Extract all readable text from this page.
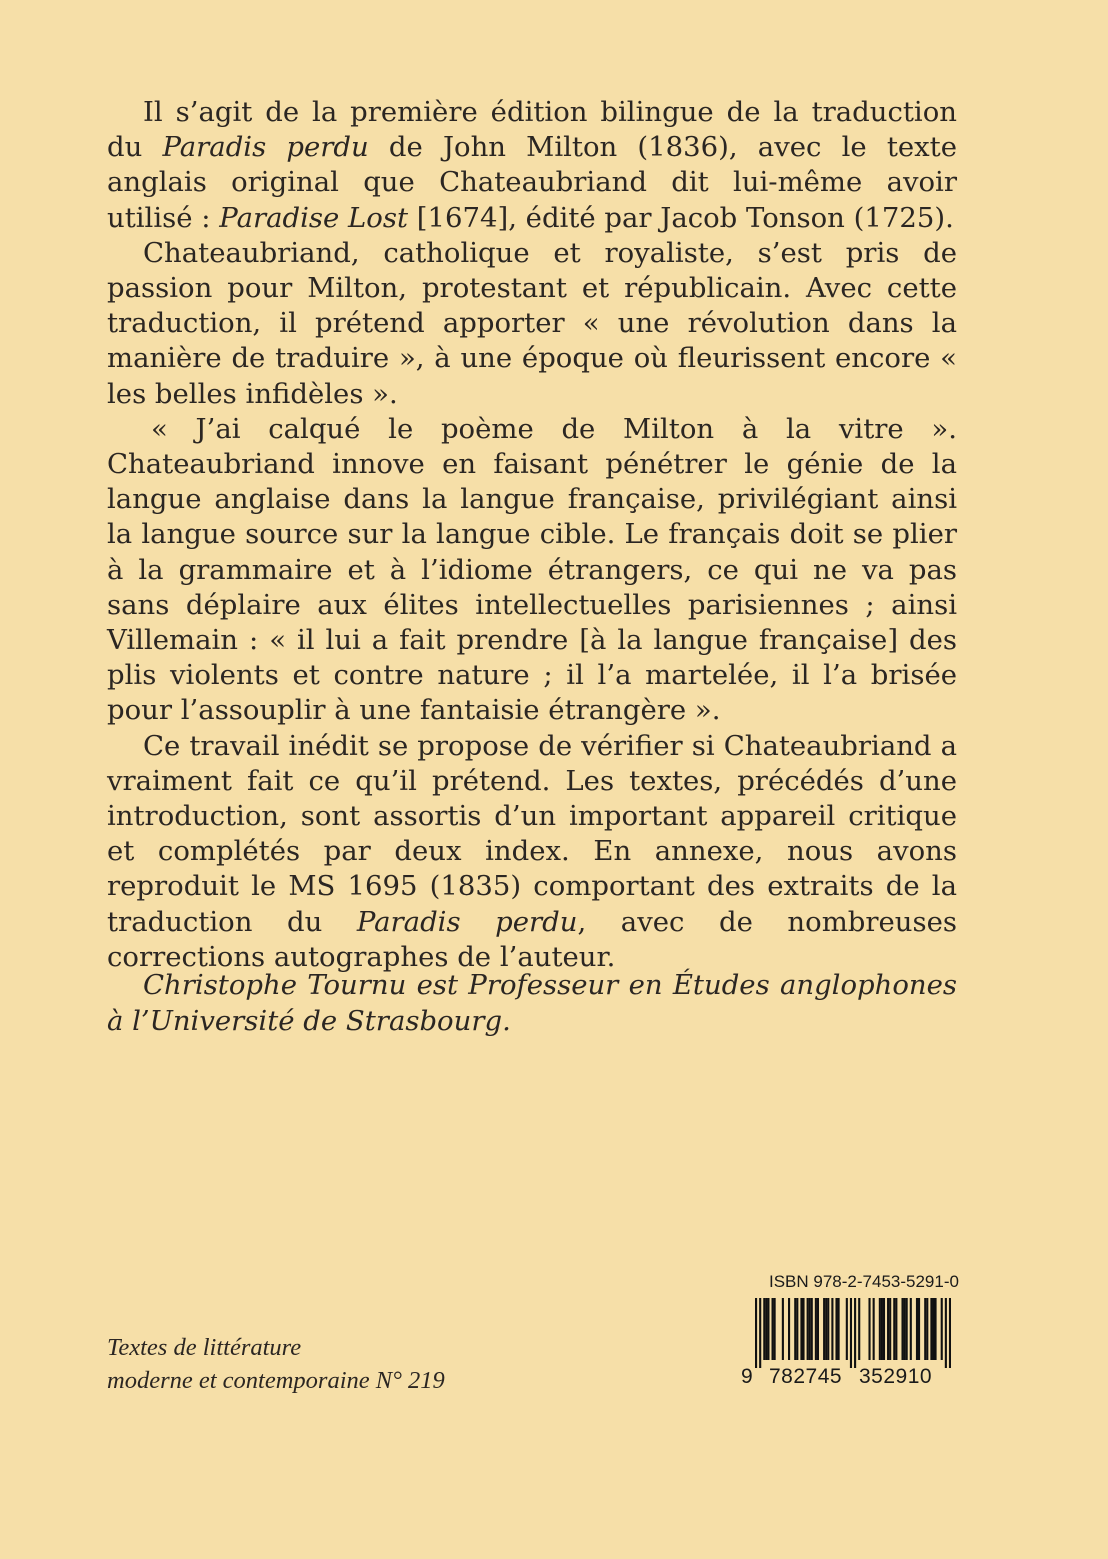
Il s’agit de la première édition bilingue de la traduction du Paradis perdu de John Milton (1836), avec le texte anglais original que Chateaubriand dit lui-même avoir utilisé : Paradise Lost [1674], édité par Jacob Tonson (1725).

Chateaubriand, catholique et royaliste, s’est pris de passion pour Milton, protestant et républicain. Avec cette traduction, il prétend apporter « une révolution dans la manière de traduire », à une époque où fleurissent encore « les belles infidèles ».

« J’ai calqué le poème de Milton à la vitre ». Chateaubriand innove en faisant pénétrer le génie de la langue anglaise dans la langue française, privilégiant ainsi la langue source sur la langue cible. Le français doit se plier à la grammaire et à l’idiome étrangers, ce qui ne va pas sans déplaire aux élites intellectuelles parisiennes ; ainsi Villemain : « il lui a fait prendre [à la langue française] des plis violents et contre nature ; il l’a martelée, il l’a brisée pour l’assouplir à une fantaisie étrangère ».

Ce travail inédit se propose de vérifier si Chateaubriand a vraiment fait ce qu’il prétend. Les textes, précédés d’une introduction, sont assortis d’un important appareil critique et complétés par deux index. En annexe, nous avons reproduit le MS 1695 (1835) comportant des extraits de la traduction du Paradis perdu, avec de nombreuses corrections autographes de l’auteur.

Christophe Tournu est Professeur en Études anglophones à l’Université de Strasbourg.
Textes de littérature
moderne et contemporaine N° 219
ISBN 978-2-7453-5291-0
9 782745 352910
